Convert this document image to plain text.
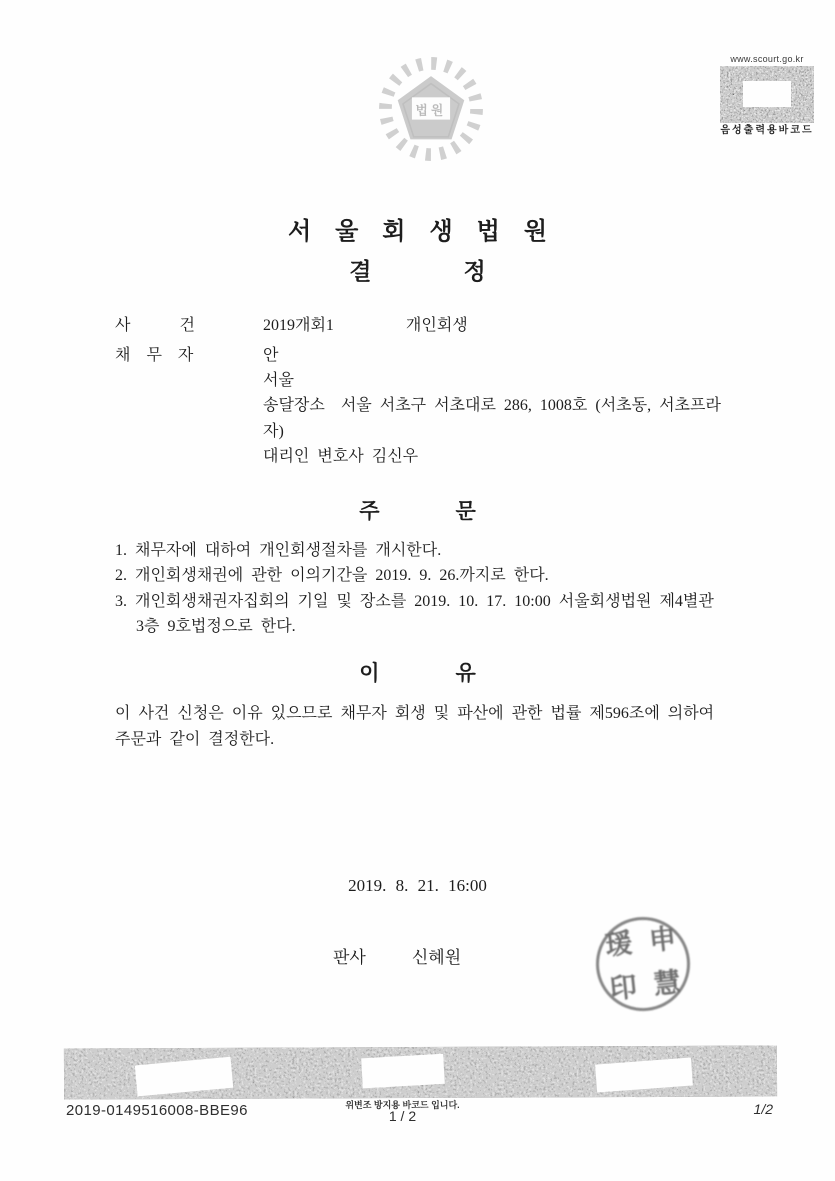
법원
www.scourt.go.kr
음성출력용바코드
서울회생법원
결	정
사 건	2019개회1	개인회생
채 무 자	안
서울
송달장소  서울 서초구 서초대로 286, 1008호 (서초동, 서초프라
자)
대리인 변호사 김신우
주	문
1. 채무자에 대하여 개인회생절차를 개시한다.
2. 개인회생채권에 관한 이의기간을 2019. 9. 26.까지로 한다.
3. 개인회생채권자집회의 기일 및 장소를 2019. 10. 17. 10:00 서울회생법원 제4별관
3층 9호법정으로 한다.
이	유
이 사건 신청은 이유 있으므로 채무자 회생 및 파산에 관한 법률 제596조에 의하여
주문과 같이 결정한다.
2019. 8. 21. 16:00
판사	신혜원	瑗 申
印 慧
2019-0149516008-BBE96	위변조 방지용 바코드 입니다.
1 / 2	1/2
